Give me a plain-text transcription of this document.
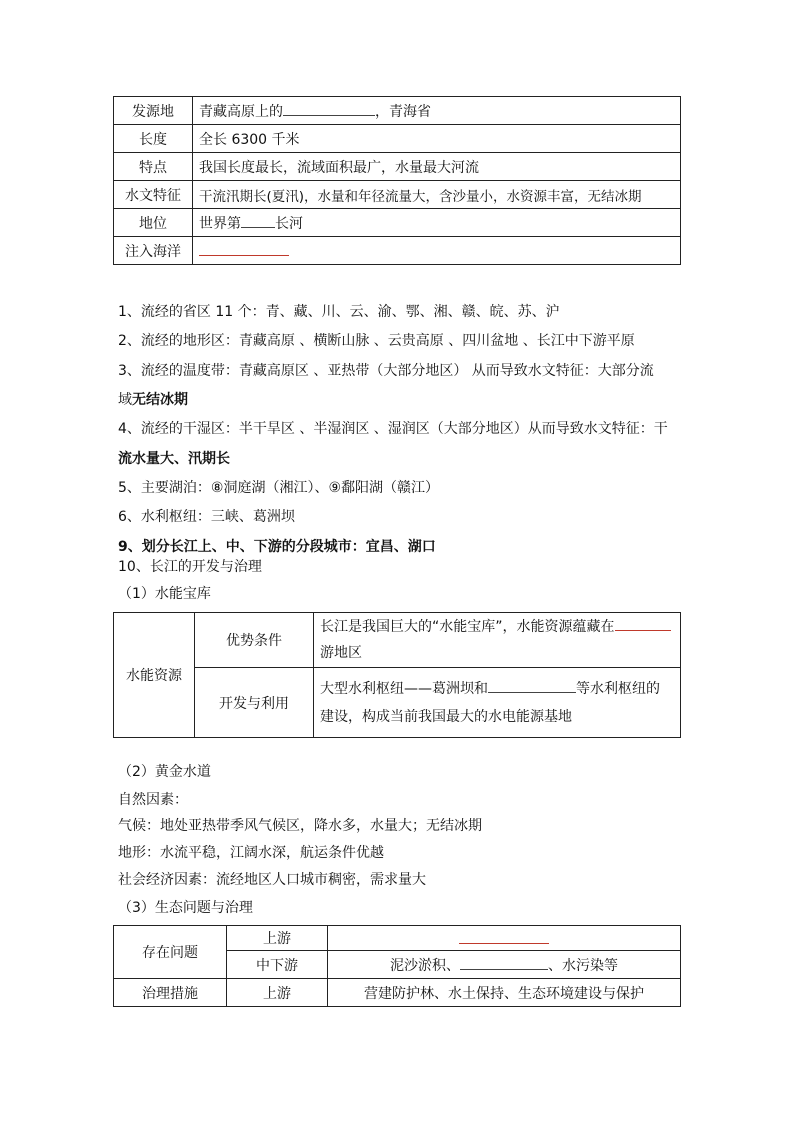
发源地	青藏高原上的 ，青海省
长度	全长 6300 千米
特点	我国长度最长，流域面积最广，水量最大河流
水文特征	干流汛期长(夏汛)，水量和年径流量大，含沙量小，水资源丰富，无结冰期
地位	世界第 长河
注入海洋	
1、流经的省区 11 个：青、藏、川、云、渝、鄂、湘、赣、皖、苏、沪
2、流经的地形区：青藏高原 、横断山脉 、云贵高原 、四川盆地 、长江中下游平原
3、流经的温度带：青藏高原区 、亚热带（大部分地区） 从而导致水文特征：大部分流
域无结冰期
4、流经的干湿区：半干旱区 、半湿润区 、湿润区（大部分地区）从而导致水文特征：干
流水量大、汛期长
5、主要湖泊：⑧洞庭湖（湘江）、⑨鄱阳湖（赣江）
6、水利枢纽：三峡、葛洲坝
9、划分长江上、中、下游的分段城市：宜昌、湖口
10、长江的开发与治理
（1）水能宝库
水能资源	优势条件	长江是我国巨大的“水能宝库”，水能资源蕴藏在
游地区
	开发与利用	大型水利枢纽——葛洲坝和 等水利枢纽的
建设，构成当前我国最大的水电能源基地
（2）黄金水道
自然因素：
气候：地处亚热带季风气候区，降水多，水量大；无结冰期
地形：水流平稳，江阔水深，航运条件优越
社会经济因素：流经地区人口城市稠密，需求量大
（3）生态问题与治理
存在问题	上游	
	中下游	泥沙淤积、 、水污染等
治理措施	上游	营建防护林、水土保持、生态环境建设与保护
